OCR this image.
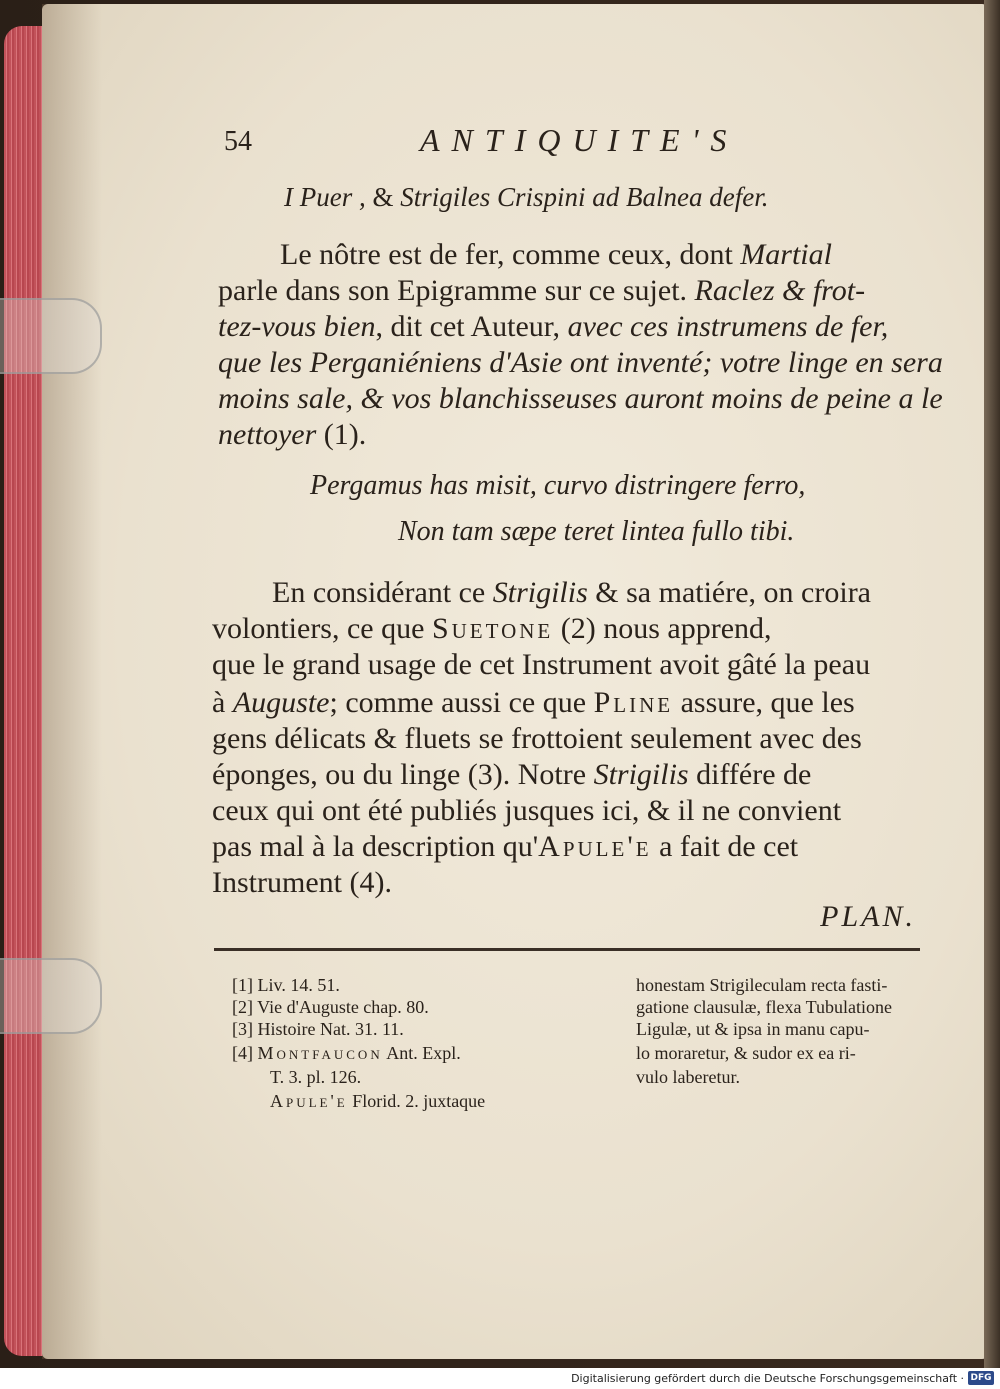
54	ANTIQUITE'S
I Puer , & Strigiles Crispini ad Balnea defer.
Le nôtre est de fer, comme ceux, dont Martial
parle dans son Epigramme sur ce sujet. Raclez & frot-
tez-vous bien, dit cet Auteur, avec ces instrumens de fer,
que les Perganiéniens d'Asie ont inventé; votre linge en sera
moins sale, & vos blanchisseuses auront moins de peine a le
nettoyer (1).
Pergamus has misit, curvo distringere ferro,
Non tam sæpe teret lintea fullo tibi.
En considérant ce Strigilis & sa matiére, on croira
volontiers, ce que Suetone (2) nous apprend,
que le grand usage de cet Instrument avoit gâté la peau
à Auguste; comme aussi ce que Pline assure, que les
gens délicats & fluets se frottoient seulement avec des
éponges, ou du linge (3). Notre Strigilis différe de
ceux qui ont été publiés jusques ici, & il ne convient
pas mal à la description qu'Apule'e a fait de cet
Instrument (4).
PLAN.
[1] Liv. 14. 51.
[2] Vie d'Auguste chap. 80.
[3] Histoire Nat. 31. 11.
[4] Montfaucon Ant. Expl.
T. 3. pl. 126.
Apule'e Florid. 2. juxtaque
honestam Strigileculam recta fasti-
gatione clausulæ, flexa Tubulatione
Ligulæ, ut & ipsa in manu capu-
lo moraretur, & sudor ex ea ri-
vulo laberetur.
Digitalisierung gefördert durch die Deutsche Forschungsgemeinschaft · DFG
